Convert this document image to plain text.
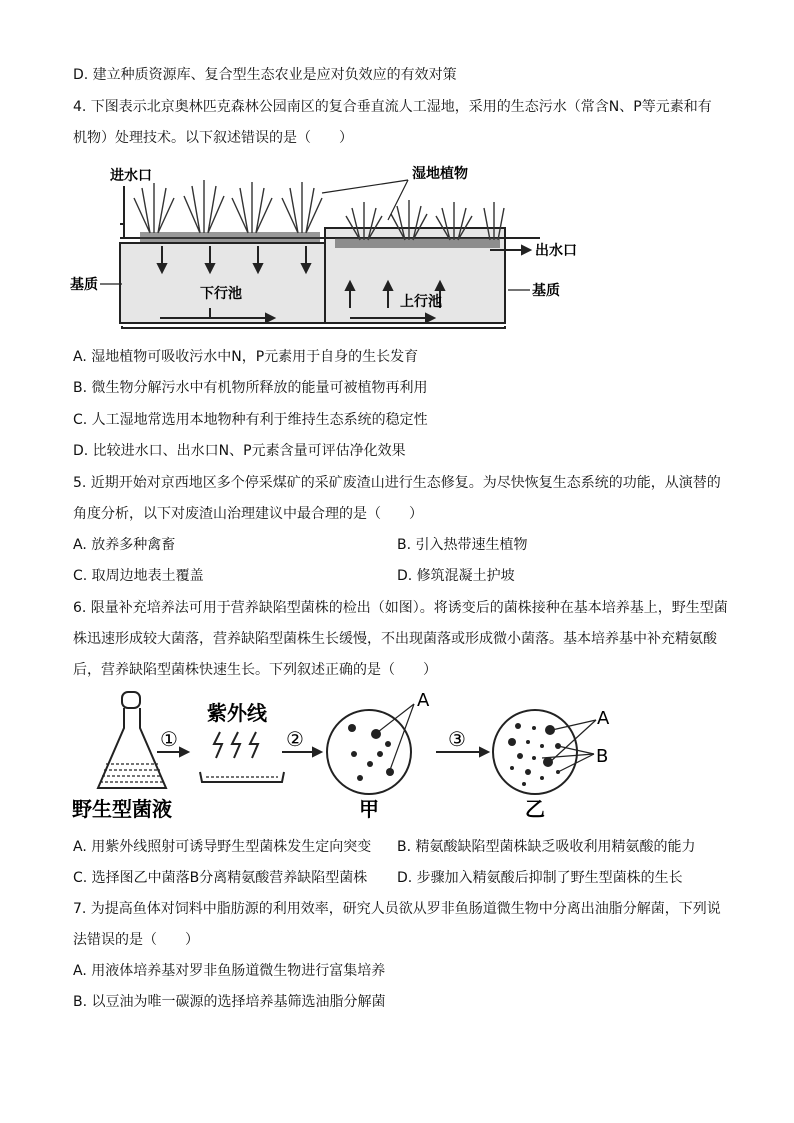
D. 建立种质资源库、复合型生态农业是应对负效应的有效对策
4. 下图表示北京奥林匹克森林公园南区的复合垂直流人工湿地，采用的生态污水（常含N、P等元素和有
机物）处理技术。以下叙述错误的是（　　）
进水口	湿地植物
出水口
基质	基质
下行池	上行池
A. 湿地植物可吸收污水中N，P元素用于自身的生长发育
B. 微生物分解污水中有机物所释放的能量可被植物再利用
C. 人工湿地常选用本地物种有利于维持生态系统的稳定性
D. 比较进水口、出水口N、P元素含量可评估净化效果
5. 近期开始对京西地区多个停采煤矿的采矿废渣山进行生态修复。为尽快恢复生态系统的功能，从演替的
角度分析，以下对废渣山治理建议中最合理的是（　　）
A. 放养多种禽畜	B. 引入热带速生植物
C. 取周边地表土覆盖	D. 修筑混凝土护坡
6. 限量补充培养法可用于营养缺陷型菌株的检出（如图）。将诱变后的菌株接种在基本培养基上，野生型菌
株迅速形成较大菌落，营养缺陷型菌株生长缓慢，不出现菌落或形成微小菌落。基本培养基中补充精氨酸
后，营养缺陷型菌株快速生长。下列叙述正确的是（　　）
①
紫外线
②
A
甲
③
A
B
乙
野生型菌液
A. 用紫外线照射可诱导野生型菌株发生定向突变 B. 精氨酸缺陷型菌株缺乏吸收利用精氨酸的能力
C. 选择图乙中菌落B分离精氨酸营养缺陷型菌株 D. 步骤加入精氨酸后抑制了野生型菌株的生长
7. 为提高鱼体对饲料中脂肪源的利用效率，研究人员欲从罗非鱼肠道微生物中分离出油脂分解菌，下列说
法错误的是（　　）
A. 用液体培养基对罗非鱼肠道微生物进行富集培养
B. 以豆油为唯一碳源的选择培养基筛选油脂分解菌
